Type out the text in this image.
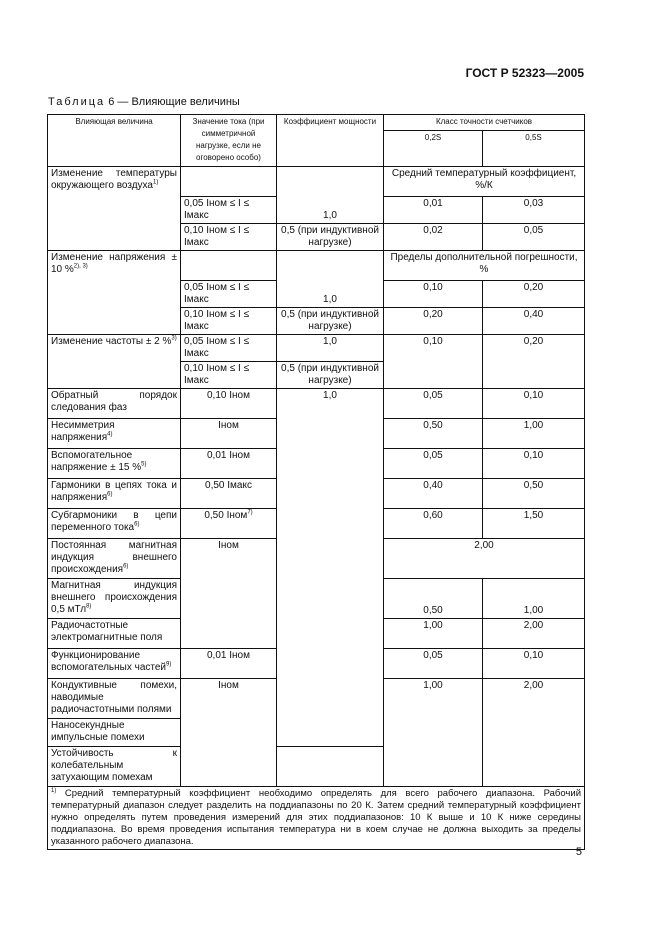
ГОСТ Р 52323—2005
Таблица 6 — Влияющие величины
Влияющая величина	Значение тока (при симметричной нагрузке, если не оговорено особо)	Коэффициент мощности	Класс точности счетчиков	
			0,2S	0,5S
Изменение температуры окружающего воздуха$^{1)}$		1,0	Средний температурный коэффициент, %/К	
	0,05 Iном ≤ I ≤ Iмакс		0,01	0,03
	0,10 Iном ≤ I ≤ Iмакс	0,5 (при индуктивной нагрузке)	0,02	0,05
Изменение напряжения ± 10 %$^{2), 3)}$		1,0	Пределы дополнительной погрешности, %	
	0,05 Iном ≤ I ≤ Iмакс		0,10	0,20
	0,10 Iном ≤ I ≤ Iмакс	0,5 (при индуктивной нагрузке)	0,20	0,40
Изменение частоты ± 2 %$^{3)}$	0,05 Iном ≤ I ≤ Iмакс	1,0	0,10	0,20
	0,10 Iном ≤ I ≤ Iмакс	0,5 (при индуктивной нагрузке)		
Обратный порядок следования фаз	0,10 Iном	1,0	0,05	0,10
Несимметрия напряжения$^{4)}$	Iном		0,50	1,00
Вспомогательное напряжение ± 15 %$^{5)}$	0,01 Iном		0,05	0,10
Гармоники в цепях тока и напряжения$^{6)}$	0,50 Iмакс		0,40	0,50
Субгармоники в цепи переменного тока$^{6)}$	0,50 Iном$^{7)}$		0,60	1,50
Постоянная магнитная индукция внешнего происхождения$^{6)}$	Iном		2,00	
Магнитная индукция внешнего происхождения 0,5 мТл$^{8)}$			0,50	1,00
Радиочастотные электромагнитные поля			1,00	2,00
Функционирование вспомогательных частей$^{9)}$	0,01 Iном		0,05	0,10
Кондуктивные помехи, наводимые радиочастотными полями	Iном		1,00	2,00
Наносекундные импульсные помехи				
Устойчивость к колебательным затухающим помехам				
$^{1)}$ Средний температурный коэффициент необходимо определять для всего рабочего диапазона. Рабочий температурный диапазон следует разделить на поддиапазоны по 20 К. Затем средний температурный коэффициент нужно определять путем проведения измерений для этих поддиапазонов: 10 К выше и 10 К ниже середины поддиапазона. Во время проведения испытания температура ни в коем случае не должна выходить за пределы указанного рабочего диапазона.				
5
